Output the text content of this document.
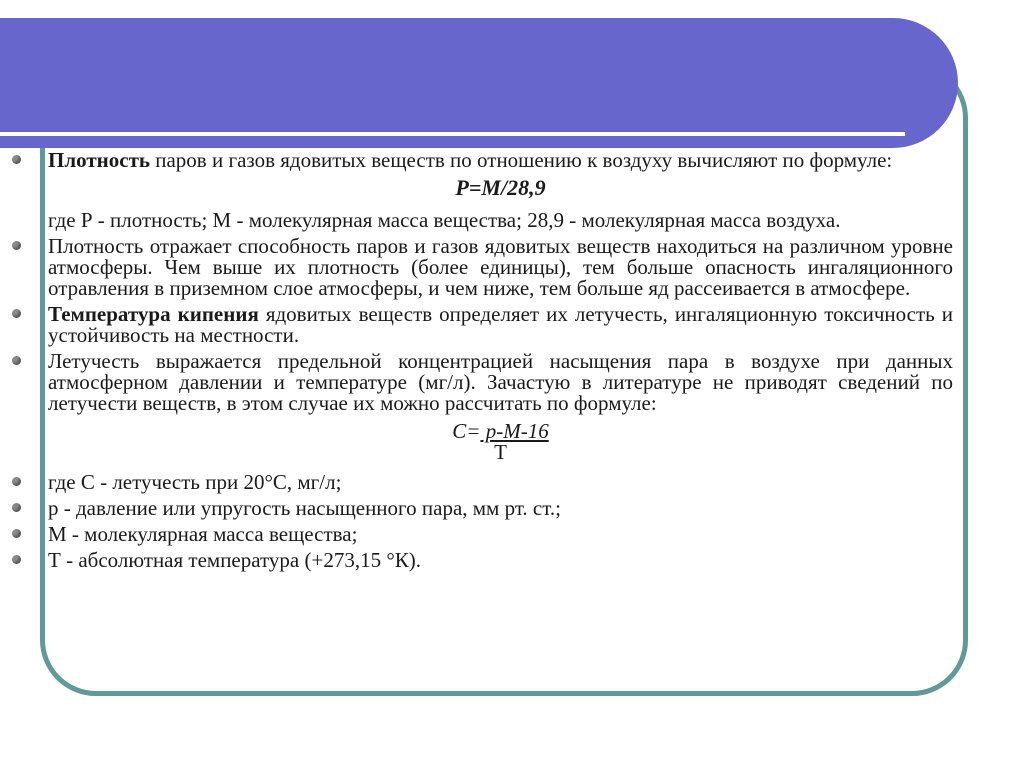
Плотность паров и газов ядовитых веществ по отношению к воздуху вычисляют по формуле:

Р=М/28,9

где Р - плотность; М - молекулярная масса вещества; 28,9 - молекулярная масса воздуха.

Плотность отражает способность паров и газов ядовитых веществ находиться на различном уровне атмосферы. Чем выше их плотность (более единицы), тем больше опасность ингаляционного отравления в приземном слое атмосферы, и чем ниже, тем больше яд рассеивается в атмосфере.

Температура кипения ядовитых веществ определяет их летучесть, ингаляционную токсичность и устойчивость на местности.

Летучесть выражается предельной концентрацией насыщения пара в воздухе при данных атмосферном давлении и температуре (мг/л). Зачастую в литературе не приводят сведений по летучести веществ, в этом случае их можно рассчитать по формуле:

С= р-М-16

Т

где С - летучесть при 20°С, мг/л;

р - давление или упругость насыщенного пара, мм рт. ст.;

М - молекулярная масса вещества;

Т - абсолютная температура (+273,15 °К).
